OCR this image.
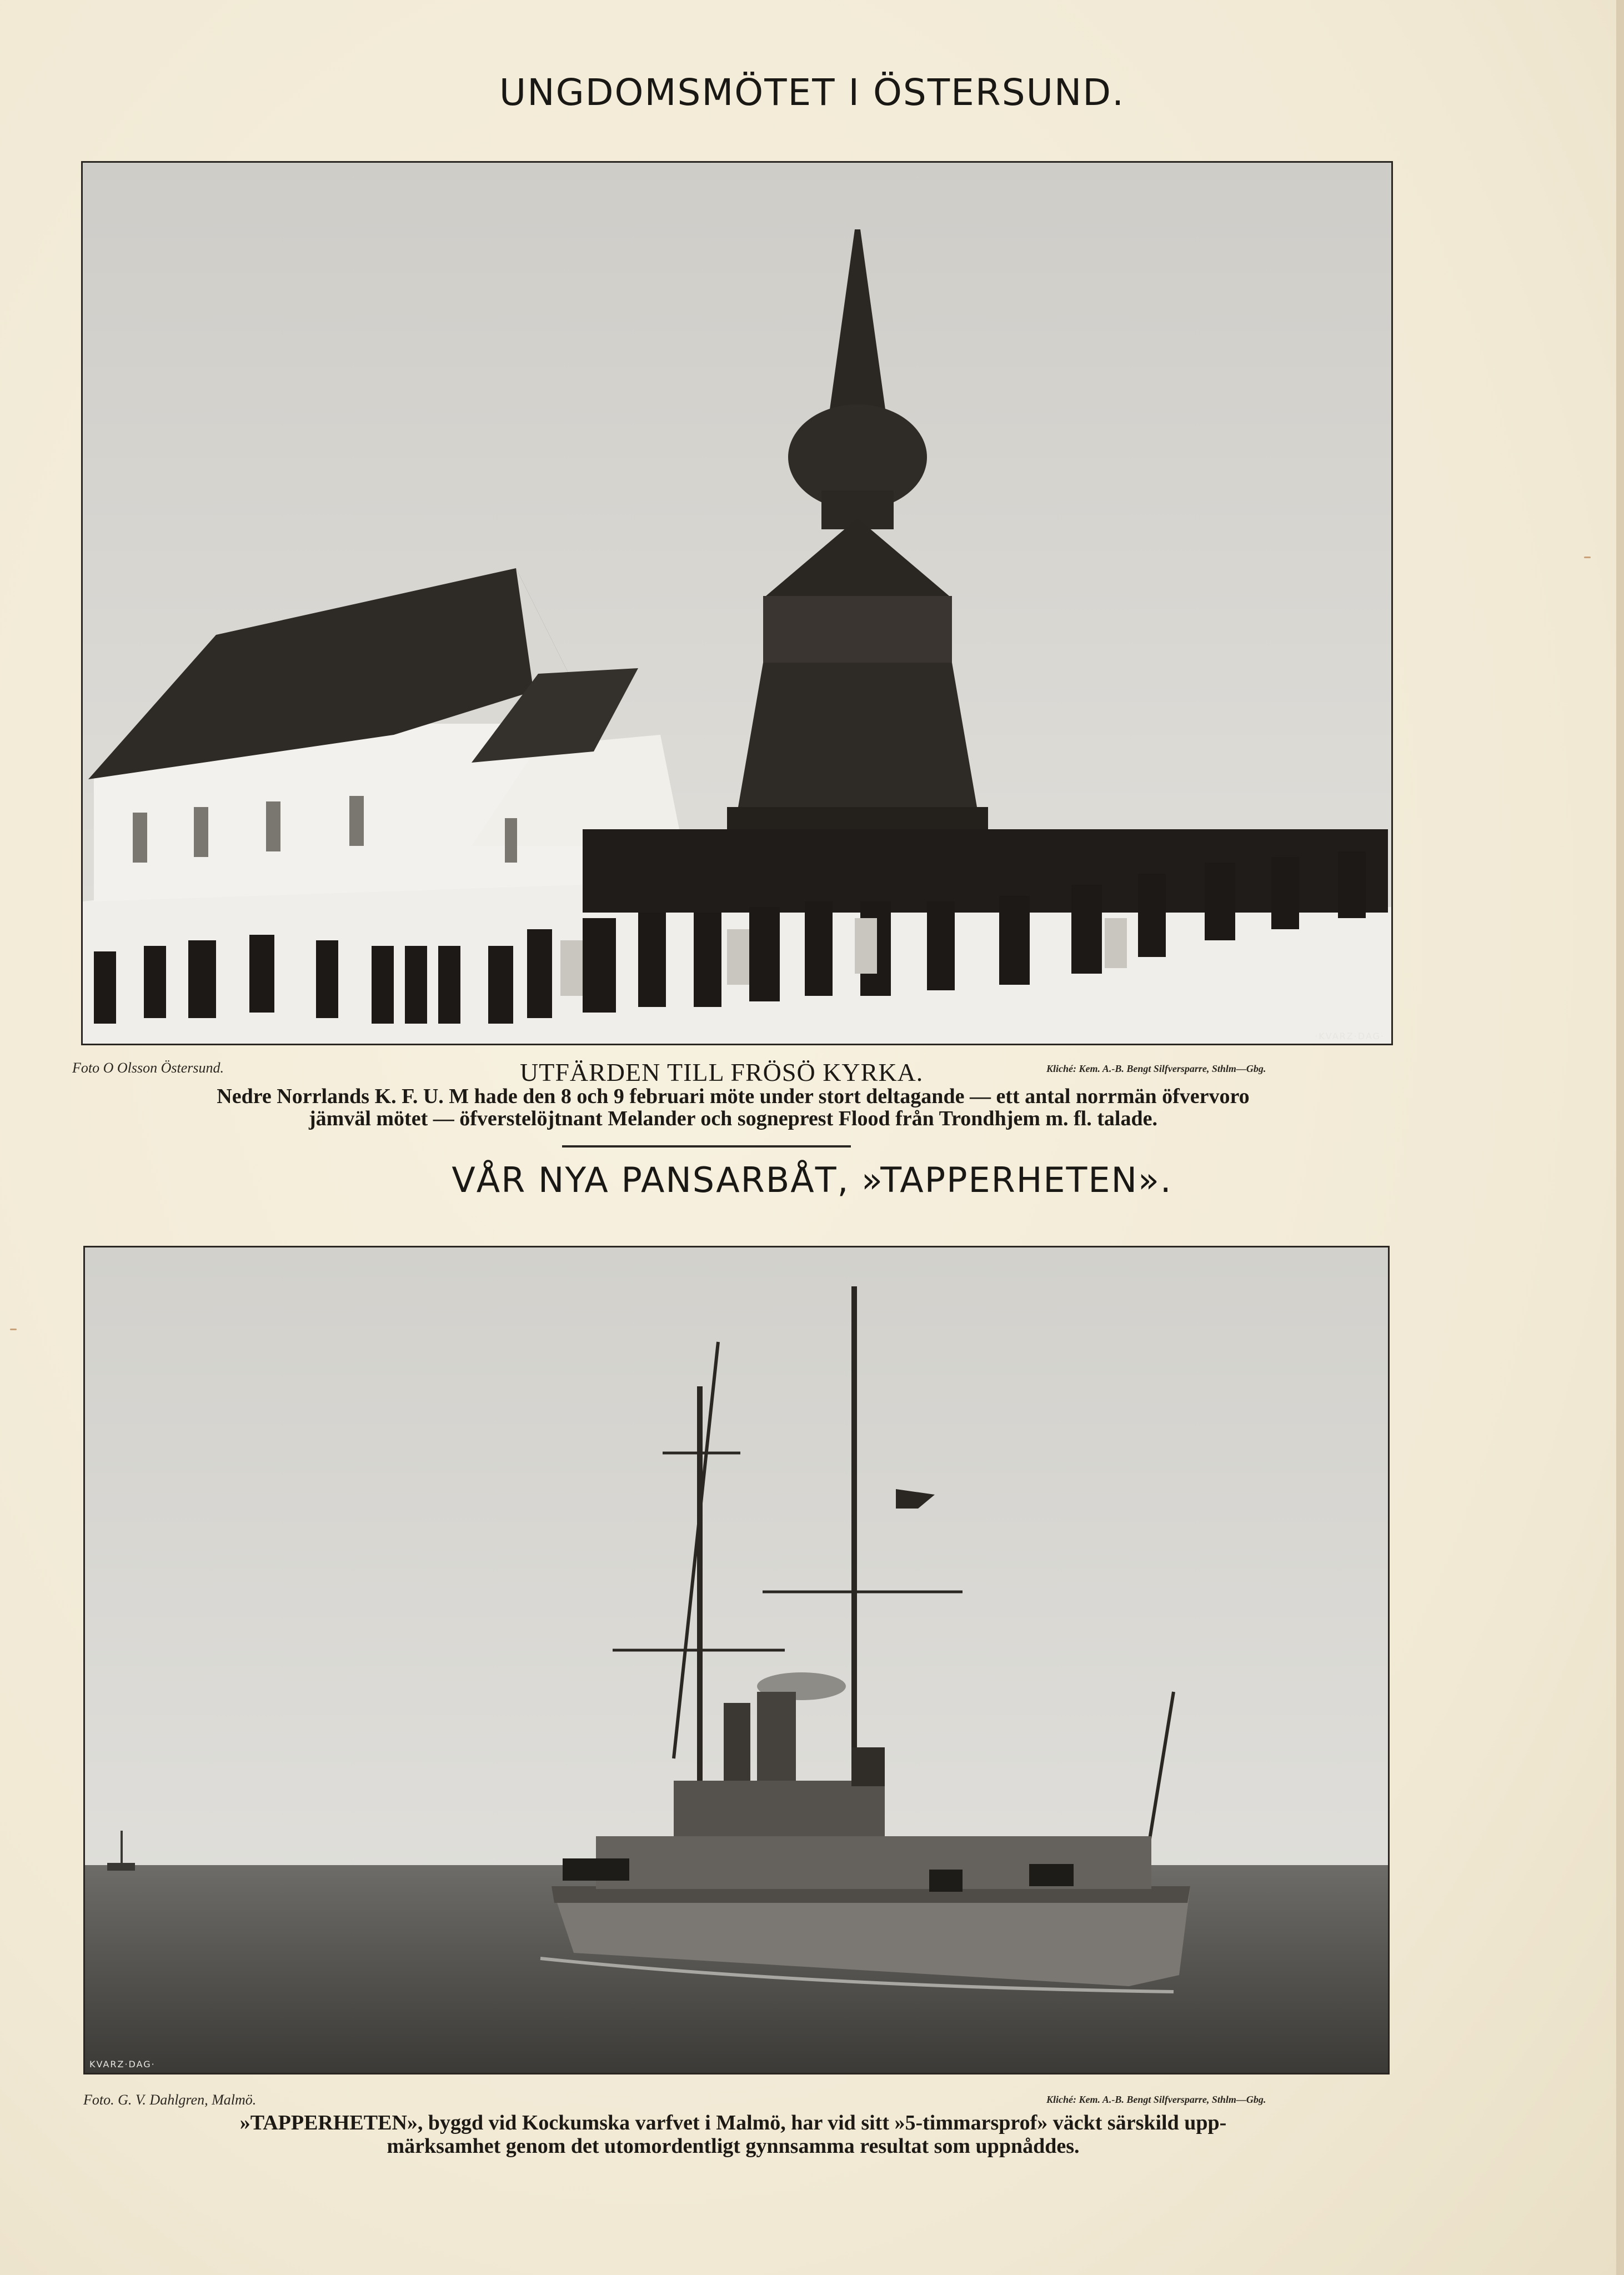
UNGDOMSMÖTET I ÖSTERSUND.
·KVARZ·DAG·
Foto O Olsson Östersund.	UTFÄRDEN TILL FRÖSÖ KYRKA.	Kliché: Kem. A.-B. Bengt Silfversparre, Sthlm—Gbg.
Nedre Norrlands K. F. U. M hade den 8 och 9 februari möte under stort deltagande — ett antal norrmän öfvervoro
jämväl mötet — öfverstelöjtnant Melander och sogneprest Flood från Trondhjem m. fl. talade.
VÅR NYA PANSARBÅT, »TAPPERHETEN».
KVARZ·DAG·
Foto. G. V. Dahlgren, Malmö.	Kliché: Kem. A.-B. Bengt Silfversparre, Sthlm—Gbg.
»TAPPERHETEN», byggd vid Kockumska varfvet i Malmö, har vid sitt »5-timmarsprof» väckt särskild upp-
märksamhet genom det utomordentligt gynnsamma resultat som uppnåddes.
